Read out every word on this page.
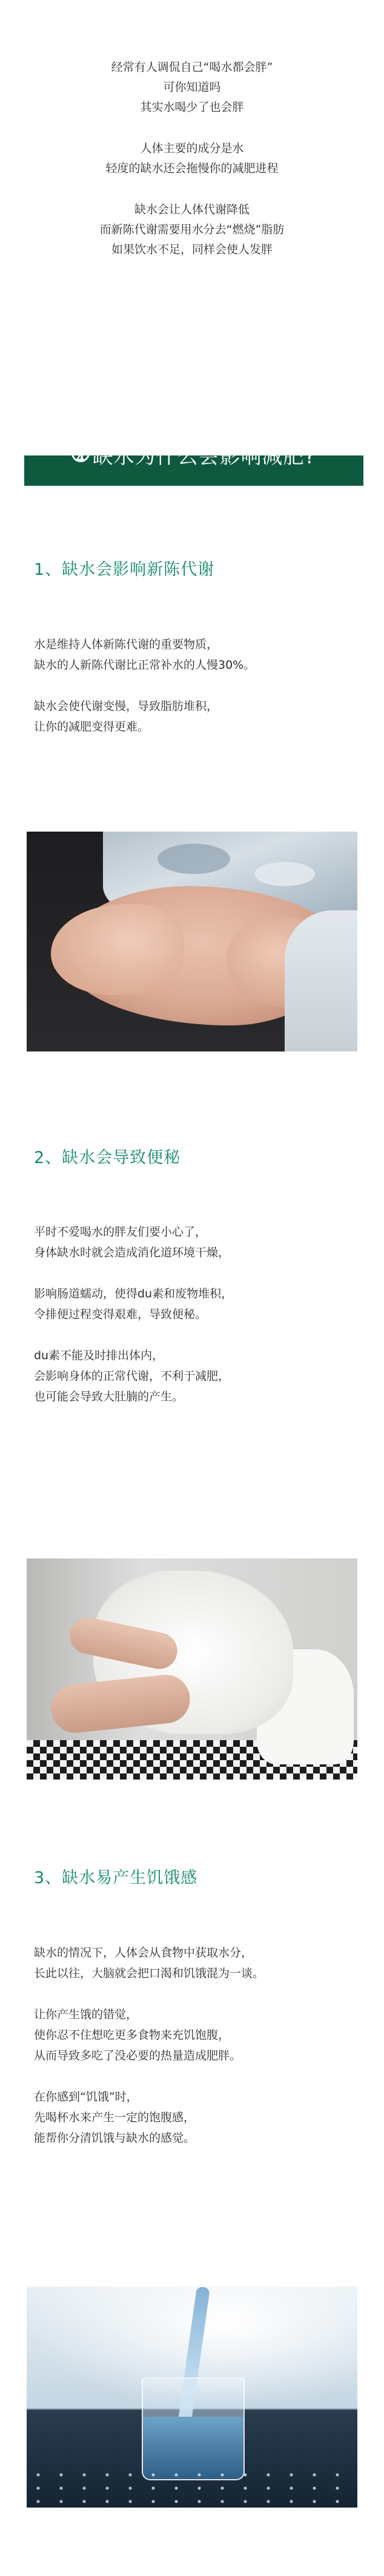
经常有人调侃自己“喝水都会胖”
可你知道吗
其实水喝少了也会胖
人体主要的成分是水
轻度的缺水还会拖慢你的减肥进程
缺水会让人体代谢降低
而新陈代谢需要用水分去“燃烧”脂肪
如果饮水不足，同样会使人发胖
4缺水为什么会影响减肥?
1、缺水会影响新陈代谢
水是维持人体新陈代谢的重要物质，
缺水的人新陈代谢比正常补水的人慢30%。
缺水会使代谢变慢，导致脂肪堆积，
让你的减肥变得更难。
2、缺水会导致便秘
平时不爱喝水的胖友们要小心了，
身体缺水时就会造成消化道环境干燥，
影响肠道蠕动，使得du素和废物堆积，
令排便过程变得艰难，导致便秘。
du素不能及时排出体内，
会影响身体的正常代谢，不利于减肥，
也可能会导致大肚腩的产生。
3、缺水易产生饥饿感
缺水的情况下，人体会从食物中获取水分，
长此以往，大脑就会把口渴和饥饿混为一谈。
让你产生饿的错觉，
使你忍不住想吃更多食物来充饥饱腹，
从而导致多吃了没必要的热量造成肥胖。
在你感到“饥饿”时，
先喝杯水来产生一定的饱腹感，
能帮你分清饥饿与缺水的感觉。
